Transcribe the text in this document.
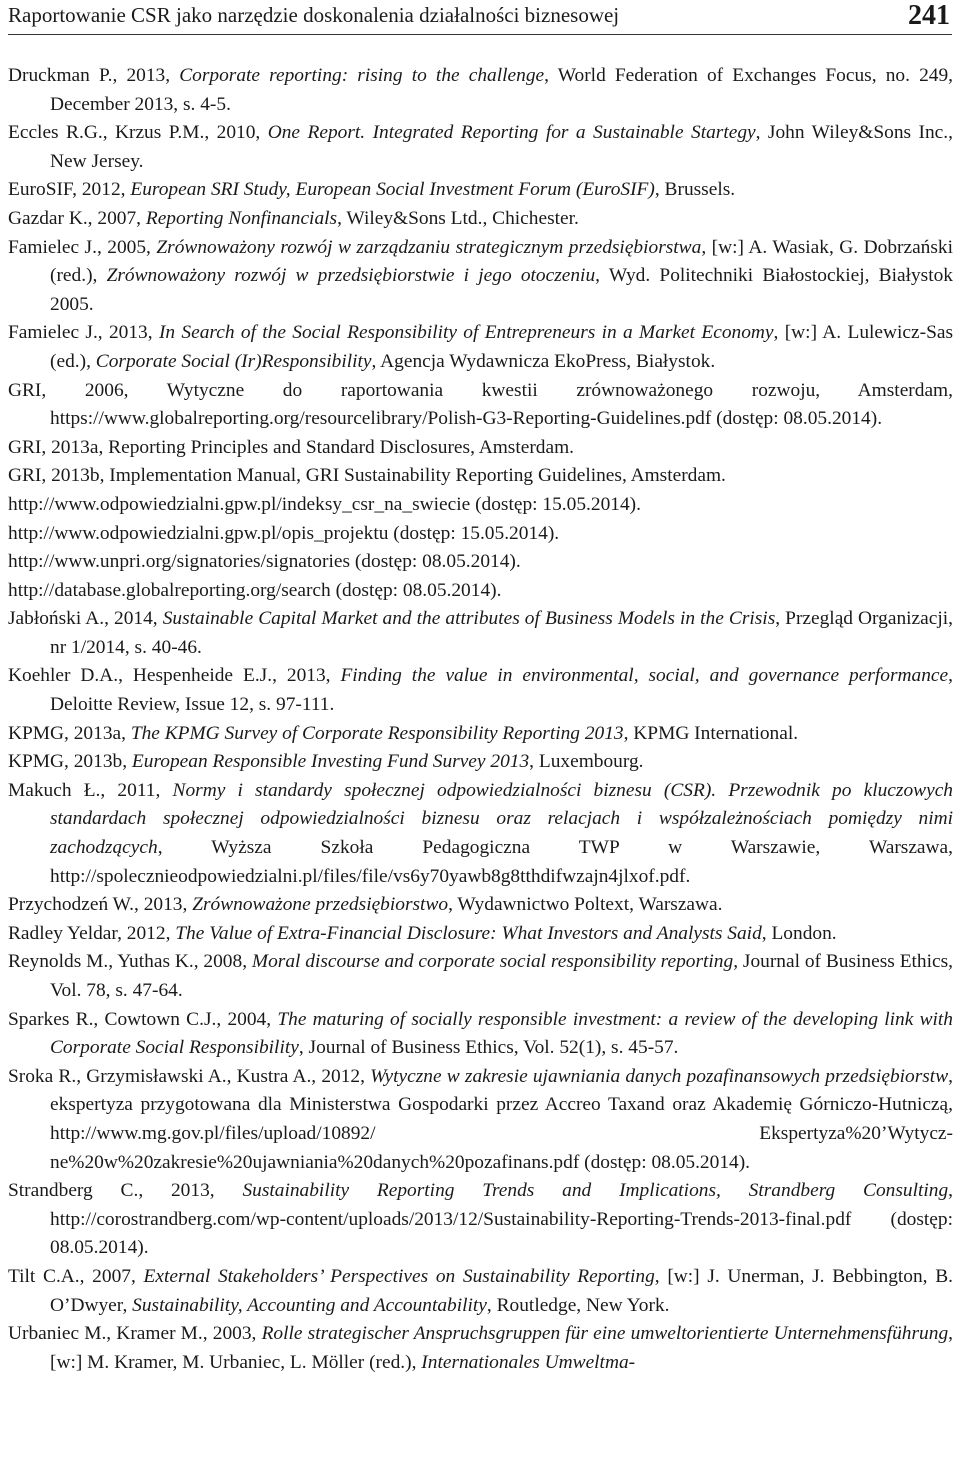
Raportowanie CSR jako narzędzie doskonalenia działalności biznesowej	241
Druckman P., 2013, Corporate reporting: rising to the challenge, World Federation of Exchanges Focus, no. 249, December 2013, s. 4-5.
Eccles R.G., Krzus P.M., 2010, One Report. Integrated Reporting for a Sustainable Startegy, John Wiley&Sons Inc., New Jersey.
EuroSIF, 2012, European SRI Study, European Social Investment Forum (EuroSIF), Brussels.
Gazdar K., 2007, Reporting Nonfinancials, Wiley&Sons Ltd., Chichester.
Famielec J., 2005, Zrównoważony rozwój w zarządzaniu strategicznym przedsiębiorstwa, [w:] A. Wasiak, G. Dobrzański (red.), Zrównoważony rozwój w przedsiębiorstwie i jego otoczeniu, Wyd. Politechniki Białostockiej, Białystok 2005.
Famielec J., 2013, In Search of the Social Responsibility of Entrepreneurs in a Market Economy, [w:] A. Lulewicz-Sas (ed.), Corporate Social (Ir)Responsibility, Agencja Wydawnicza EkoPress, Białystok.
GRI, 2006, Wytyczne do raportowania kwestii zrównoważonego rozwoju, Amsterdam, https://www.globalreporting.org/resourcelibrary/Polish-G3-Reporting-Guidelines.pdf (dostęp: 08.05.2014).
GRI, 2013a, Reporting Principles and Standard Disclosures, Amsterdam.
GRI, 2013b, Implementation Manual, GRI Sustainability Reporting Guidelines, Amsterdam.
http://www.odpowiedzialni.gpw.pl/indeksy_csr_na_swiecie (dostęp: 15.05.2014).
http://www.odpowiedzialni.gpw.pl/opis_projektu (dostęp: 15.05.2014).
http://www.unpri.org/signatories/signatories (dostęp: 08.05.2014).
http://database.globalreporting.org/search (dostęp: 08.05.2014).
Jabłoński A., 2014, Sustainable Capital Market and the attributes of Business Models in the Crisis, Przegląd Organizacji, nr 1/2014, s. 40-46.
Koehler D.A., Hespenheide E.J., 2013, Finding the value in environmental, social, and governance performance, Deloitte Review, Issue 12, s. 97-111.
KPMG, 2013a, The KPMG Survey of Corporate Responsibility Reporting 2013, KPMG International.
KPMG, 2013b, European Responsible Investing Fund Survey 2013, Luxembourg.
Makuch Ł., 2011, Normy i standardy społecznej odpowiedzialności biznesu (CSR). Przewodnik po kluczowych standardach społecznej odpowiedzialności biznesu oraz relacjach i współzależnościach pomiędzy nimi zachodzących, Wyższa Szkoła Pedagogiczna TWP w Warszawie, Warszawa, http://spolecznieodpowiedzialni.pl/files/file/vs6y70yawb8g8tthdifwzajn4jlxof.pdf.
Przychodzeń W., 2013, Zrównoważone przedsiębiorstwo, Wydawnictwo Poltext, Warszawa.
Radley Yeldar, 2012, The Value of Extra-Financial Disclosure: What Investors and Analysts Said, London.
Reynolds M., Yuthas K., 2008, Moral discourse and corporate social responsibility reporting, Journal of Business Ethics, Vol. 78, s. 47-64.
Sparkes R., Cowtown C.J., 2004, The maturing of socially responsible investment: a review of the developing link with Corporate Social Responsibility, Journal of Business Ethics, Vol. 52(1), s. 45-57.
Sroka R., Grzymisławski A., Kustra A., 2012, Wytyczne w zakresie ujawniania danych pozafinansowych przedsiębiorstw, ekspertyza przygotowana dla Ministerstwa Gospodarki przez Accreo Taxand oraz Akademię Górniczo-Hutniczą, http://www.mg.gov.pl/files/upload/10892/ Ekspertyza%20’Wytyczne%20w%20zakresie%20ujawniania%20danych%20pozafinans.pdf (dostęp: 08.05.2014).
Strandberg C., 2013, Sustainability Reporting Trends and Implications, Strandberg Consulting, http://corostrandberg.com/wp-content/uploads/2013/12/Sustainability-Reporting-Trends-2013-final.pdf (dostęp: 08.05.2014).
Tilt C.A., 2007, External Stakeholders’ Perspectives on Sustainability Reporting, [w:] J. Unerman, J. Bebbington, B. O’Dwyer, Sustainability, Accounting and Accountability, Routledge, New York.
Urbaniec M., Kramer M., 2003, Rolle strategischer Anspruchsgruppen für eine umweltorientierte Unternehmensführung, [w:] M. Kramer, M. Urbaniec, L. Möller (red.), Internationales Umweltma-
